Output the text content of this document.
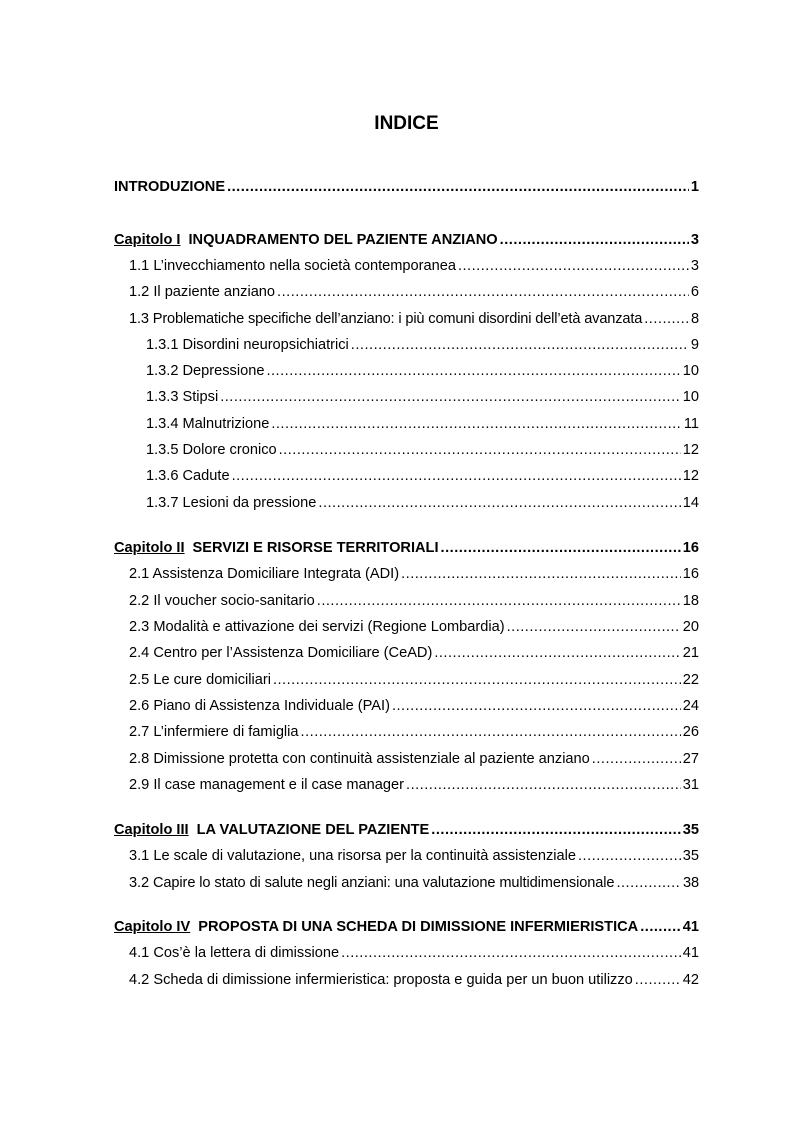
INDICE
INTRODUZIONE .....	1
Capitolo I INQUADRAMENTO DEL PAZIENTE ANZIANO .....	3
1.1 L’invecchiamento nella società contemporanea .....	3
1.2 Il paziente anziano .....	6
1.3 Problematiche specifiche dell’anziano: i più comuni disordini dell’età avanzata .....	8
1.3.1 Disordini neuropsichiatrici .....	9
1.3.2 Depressione .....	10
1.3.3 Stipsi .....	10
1.3.4 Malnutrizione .....	11
1.3.5 Dolore cronico .....	12
1.3.6 Cadute .....	12
1.3.7 Lesioni da pressione .....	14
Capitolo II SERVIZI E RISORSE TERRITORIALI .....	16
2.1 Assistenza Domiciliare Integrata (ADI) .....	16
2.2 Il voucher socio-sanitario .....	18
2.3 Modalità e attivazione dei servizi (Regione Lombardia) .....	20
2.4 Centro per l’Assistenza Domiciliare (CeAD) .....	21
2.5 Le cure domiciliari .....	22
2.6 Piano di Assistenza Individuale (PAI) .....	24
2.7 L’infermiere di famiglia .....	26
2.8 Dimissione protetta con continuità assistenziale al paziente anziano .....	27
2.9 Il case management e il case manager .....	31
Capitolo III LA VALUTAZIONE DEL PAZIENTE .....	35
3.1 Le scale di valutazione, una risorsa per la continuità assistenziale .....	35
3.2 Capire lo stato di salute negli anziani: una valutazione multidimensionale .....	38
Capitolo IV PROPOSTA DI UNA SCHEDA DI DIMISSIONE INFERMIERISTICA .....	41
4.1 Cos’è la lettera di dimissione .....	41
4.2 Scheda di dimissione infermieristica: proposta e guida per un buon utilizzo .....	42
